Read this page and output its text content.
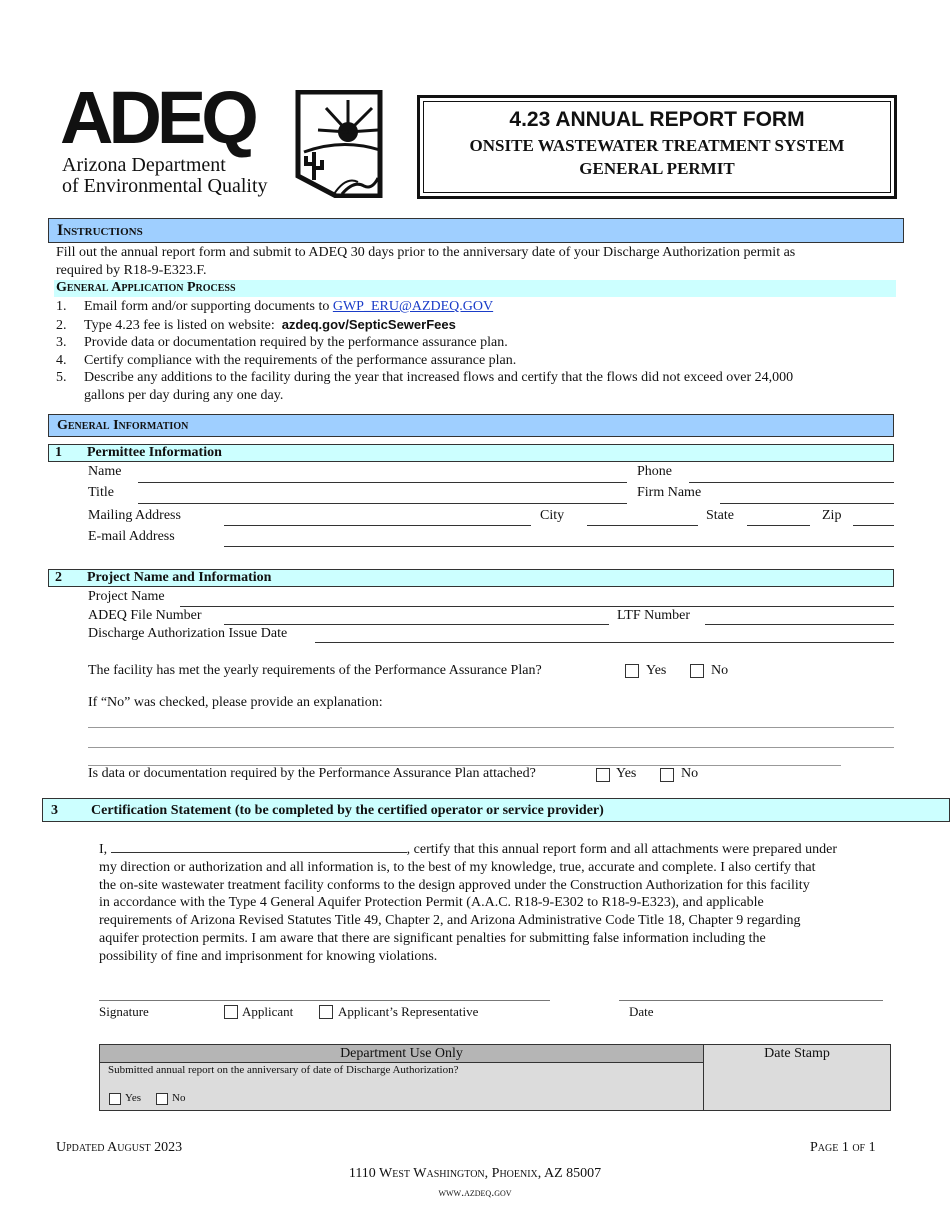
ADEQ
Arizona Department
of Environmental Quality
4.23 ANNUAL REPORT FORM
ONSITE WASTEWATER TREATMENT SYSTEM
GENERAL PERMIT
Instructions
Fill out the annual report form and submit to ADEQ 30 days prior to the anniversary date of your Discharge Authorization permit as
required by R18-9-E323.F.
General Application Process
1. Email form and/or supporting documents to GWP_ERU@AZDEQ.GOV
2. Type 4.23 fee is listed on website: azdeq.gov/SepticSewerFees
3. Provide data or documentation required by the performance assurance plan.
4. Certify compliance with the requirements of the performance assurance plan.
5. Describe any additions to the facility during the year that increased flows and certify that the flows did not exceed over 24,000
gallons per day during any one day.
General Information
1 Permittee Information
Name	Phone
Title	Firm Name
Mailing Address	City	State	Zip
E-mail Address
2 Project Name and Information
Project Name
ADEQ File Number	LTF Number
Discharge Authorization Issue Date
The facility has met the yearly requirements of the Performance Assurance Plan?	Yes	No
If “No” was checked, please provide an explanation:
Is data or documentation required by the Performance Assurance Plan attached?	Yes	No
3 Certification Statement (to be completed by the certified operator or service provider)
I,	, certify that this annual report form and all attachments were prepared under
my direction or authorization and all information is, to the best of my knowledge, true, accurate and complete. I also certify that
the on-site wastewater treatment facility conforms to the design approved under the Construction Authorization for this facility
in accordance with the Type 4 General Aquifer Protection Permit (A.A.C. R18-9-E302 to R18-9-E323), and applicable
requirements of Arizona Revised Statutes Title 49, Chapter 2, and Arizona Administrative Code Title 18, Chapter 9 regarding
aquifer protection permits. I am aware that there are significant penalties for submitting false information including the
possibility of fine and imprisonment for knowing violations.
Signature	Applicant	Applicant’s Representative	Date
Department Use Only
Submitted annual report on the anniversary of date of Discharge Authorization?
Yes	No
Date Stamp
Updated August 2023	Page 1 of 1
1110 West Washington, Phoenix, AZ 85007
www.azdeq.gov
